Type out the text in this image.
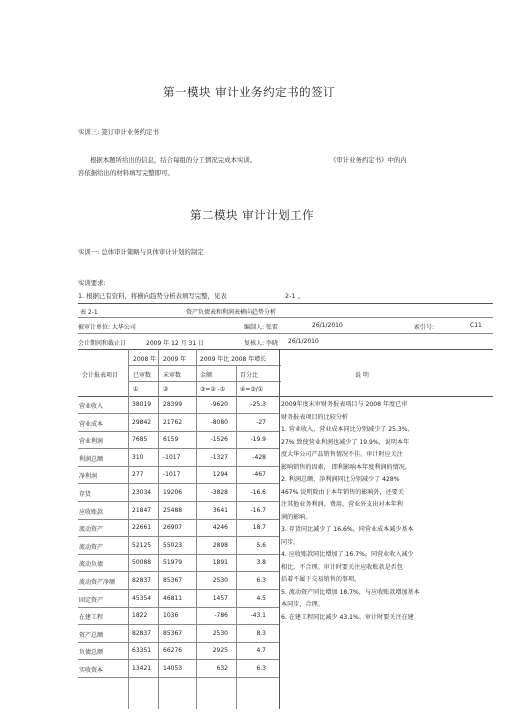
第一模块 审计业务约定书的签订
实训三: 签订审计业务约定书
根据本题所给出的信息，结合每组的分工情况完成本实训。	《审计业务约定书》中的内
容依据给出的材料填写完整即可。
第二模块 审计计划工作
实训一: 总体审计策略与具体审计计划的制定
实训要求:
1. 根据已有资料，将横向趋势分析表填写完整，见表	2-1 。
表 2-1	资产负债表和利润表横向趋势分析
被审计单位: 大华公司	编制人: 张雷	26/1/2010	索引号:	C11
会计期间和截止日	2009 年 12 月 31 日	复核人: 李晓 26/1/2010
会计报表项目
2008 年 2009 年 2009 年比 2008 年增长
已审数 未审数	金额	百分比	说 明
①	②	③=② -① ④=③/①
营业收入	38019 28399	-9620	-25.3
营业成本	29842 21762	-8080	-27
营业利润	7685	6159	-1526	-19.9
利润总额	310	-1017	-1327	-428
净利润	277	-1017	1294	-467
存货	23034 19206	-3828	-16.6
应收账款	21847 25488	3641	-16.7
流动资产	22661 26907	4246	18.7
流动资产	52125 55023	2898	5.6
流动负债	50088 51979	1891	3.8
流动资产净额	82837 85367	2530	6.3
固定资产	45354 46811	1457	4.5
在建工程	1822	1036	-786	-43.1
资产总额	82837 85367	2530	8.3
负债总额	63351 66276	2925	4.7
实收资本	13421 14053	632	6.3

2009年度未审财务报表项目与 2008 年度已审

财务报表项目的比较分析

1. 营业收入、营业成本同比分别减少了 25.3%、

27% 致使营业利润也减少了 19.9%，说明本年

度大华公司产品销售情况不佳。审计时应关注

影响销售的因素， 即利影响本年度利润的情况。

2. 利润总额、净利润同比分别减少了 428%

467% 说明除由于本年销售的影响外，还要关

注其他业务利润、费用、营业外支出对本年利

润的影响。

3. 存货同比减少了 16.6%，同营业成本减少基本

同步。

4. 应收账款同比增加了 16.7%，同营业收入减少

相比，不合理。审计时要关注应收账款是否包

括着不属于交易销售的事项。

5. 流动资产同比增加 18.7%，与应收账款增加基本

本同步，合理。

6. 在建工程同比减少 43.1%。审计时要关注在建
